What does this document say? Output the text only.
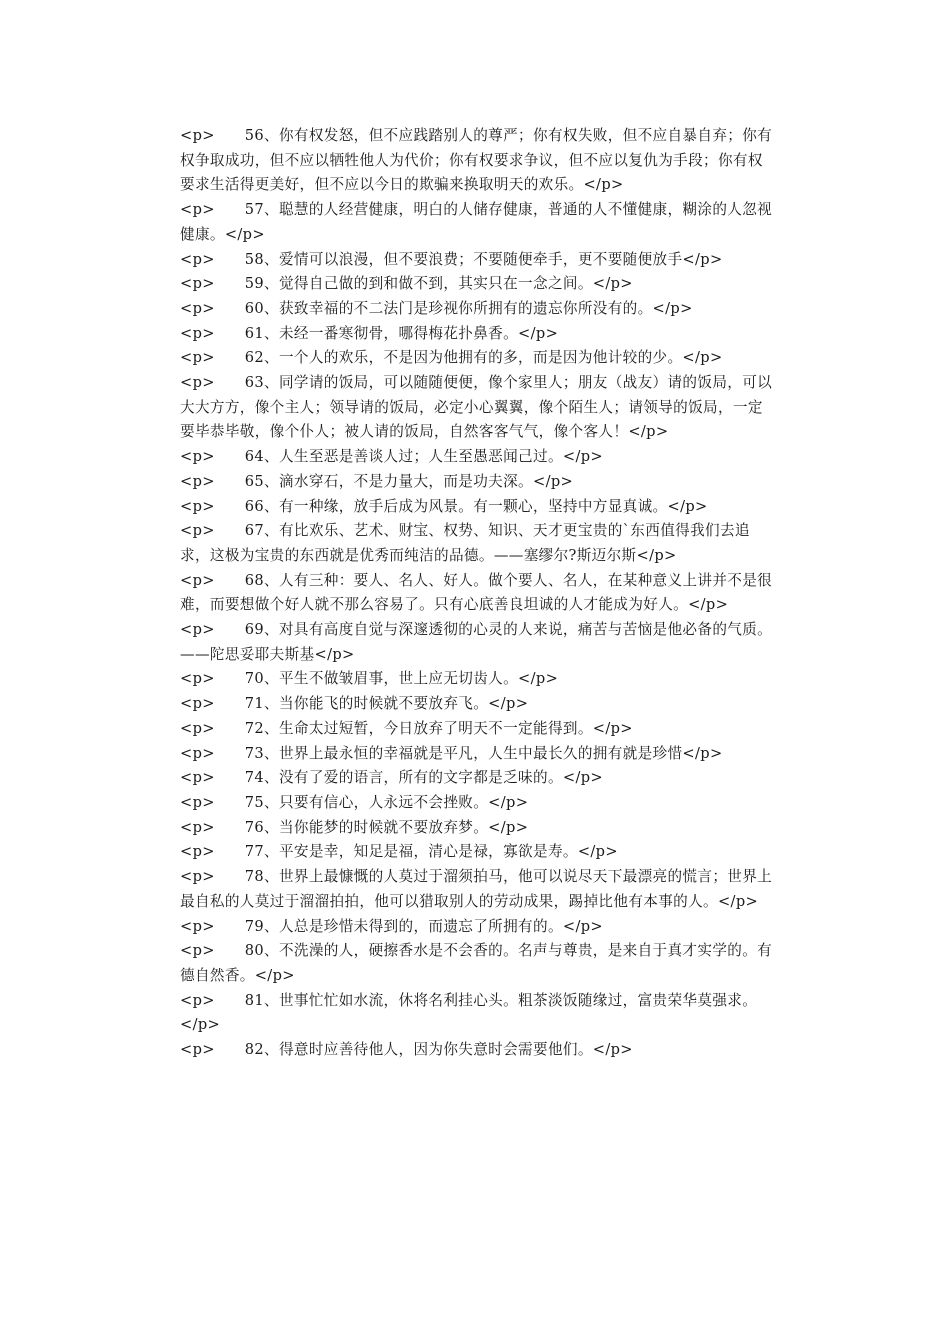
<p>　　56、你有权发怒，但不应践踏别人的尊严；你有权失败，但不应自暴自弃；你有权争取成功，但不应以牺牲他人为代价；你有权要求争议，但不应以复仇为手段；你有权要求生活得更美好，但不应以今日的欺骗来换取明天的欢乐。</p>

<p>　　57、聪慧的人经营健康，明白的人储存健康，普通的人不懂健康，糊涂的人忽视健康。</p>

<p>　　58、爱情可以浪漫，但不要浪费；不要随便牵手，更不要随便放手</p>

<p>　　59、觉得自己做的到和做不到，其实只在一念之间。</p>

<p>　　60、获致幸福的不二法门是珍视你所拥有的遗忘你所没有的。</p>

<p>　　61、未经一番寒彻骨，哪得梅花扑鼻香。</p>

<p>　　62、一个人的欢乐，不是因为他拥有的多，而是因为他计较的少。</p>

<p>　　63、同学请的饭局，可以随随便便，像个家里人；朋友（战友）请的饭局，可以大大方方，像个主人；领导请的饭局，必定小心翼翼，像个陌生人；请领导的饭局，一定要毕恭毕敬，像个仆人；被人请的饭局，自然客客气气，像个客人！</p>

<p>　　64、人生至恶是善谈人过；人生至愚恶闻己过。</p>

<p>　　65、滴水穿石，不是力量大，而是功夫深。</p>

<p>　　66、有一种缘，放手后成为风景。有一颗心，坚持中方显真诚。</p>

<p>　　67、有比欢乐、艺术、财宝、权势、知识、天才更宝贵的`东西值得我们去追求，这极为宝贵的东西就是优秀而纯洁的品德。——塞缪尔?斯迈尔斯</p>

<p>　　68、人有三种：要人、名人、好人。做个要人、名人，在某种意义上讲并不是很难，而要想做个好人就不那么容易了。只有心底善良坦诚的人才能成为好人。</p>

<p>　　69、对具有高度自觉与深邃透彻的心灵的人来说，痛苦与苦恼是他必备的气质。——陀思妥耶夫斯基</p>

<p>　　70、平生不做皱眉事，世上应无切齿人。</p>

<p>　　71、当你能飞的时候就不要放弃飞。</p>

<p>　　72、生命太过短暂，今日放弃了明天不一定能得到。</p>

<p>　　73、世界上最永恒的幸福就是平凡，人生中最长久的拥有就是珍惜</p>

<p>　　74、没有了爱的语言，所有的文字都是乏味的。</p>

<p>　　75、只要有信心，人永远不会挫败。</p>

<p>　　76、当你能梦的时候就不要放弃梦。</p>

<p>　　77、平安是幸，知足是福，清心是禄，寡欲是寿。</p>

<p>　　78、世界上最慷慨的人莫过于溜须拍马，他可以说尽天下最漂亮的慌言；世界上最自私的人莫过于溜溜拍拍，他可以猎取别人的劳动成果，踢掉比他有本事的人。</p>

<p>　　79、人总是珍惜未得到的，而遗忘了所拥有的。</p>

<p>　　80、不洗澡的人，硬擦香水是不会香的。名声与尊贵，是来自于真才实学的。有德自然香。</p>

<p>　　81、世事忙忙如水流，休将名利挂心头。粗茶淡饭随缘过，富贵荣华莫强求。</p>

<p>　　82、得意时应善待他人，因为你失意时会需要他们。</p>
